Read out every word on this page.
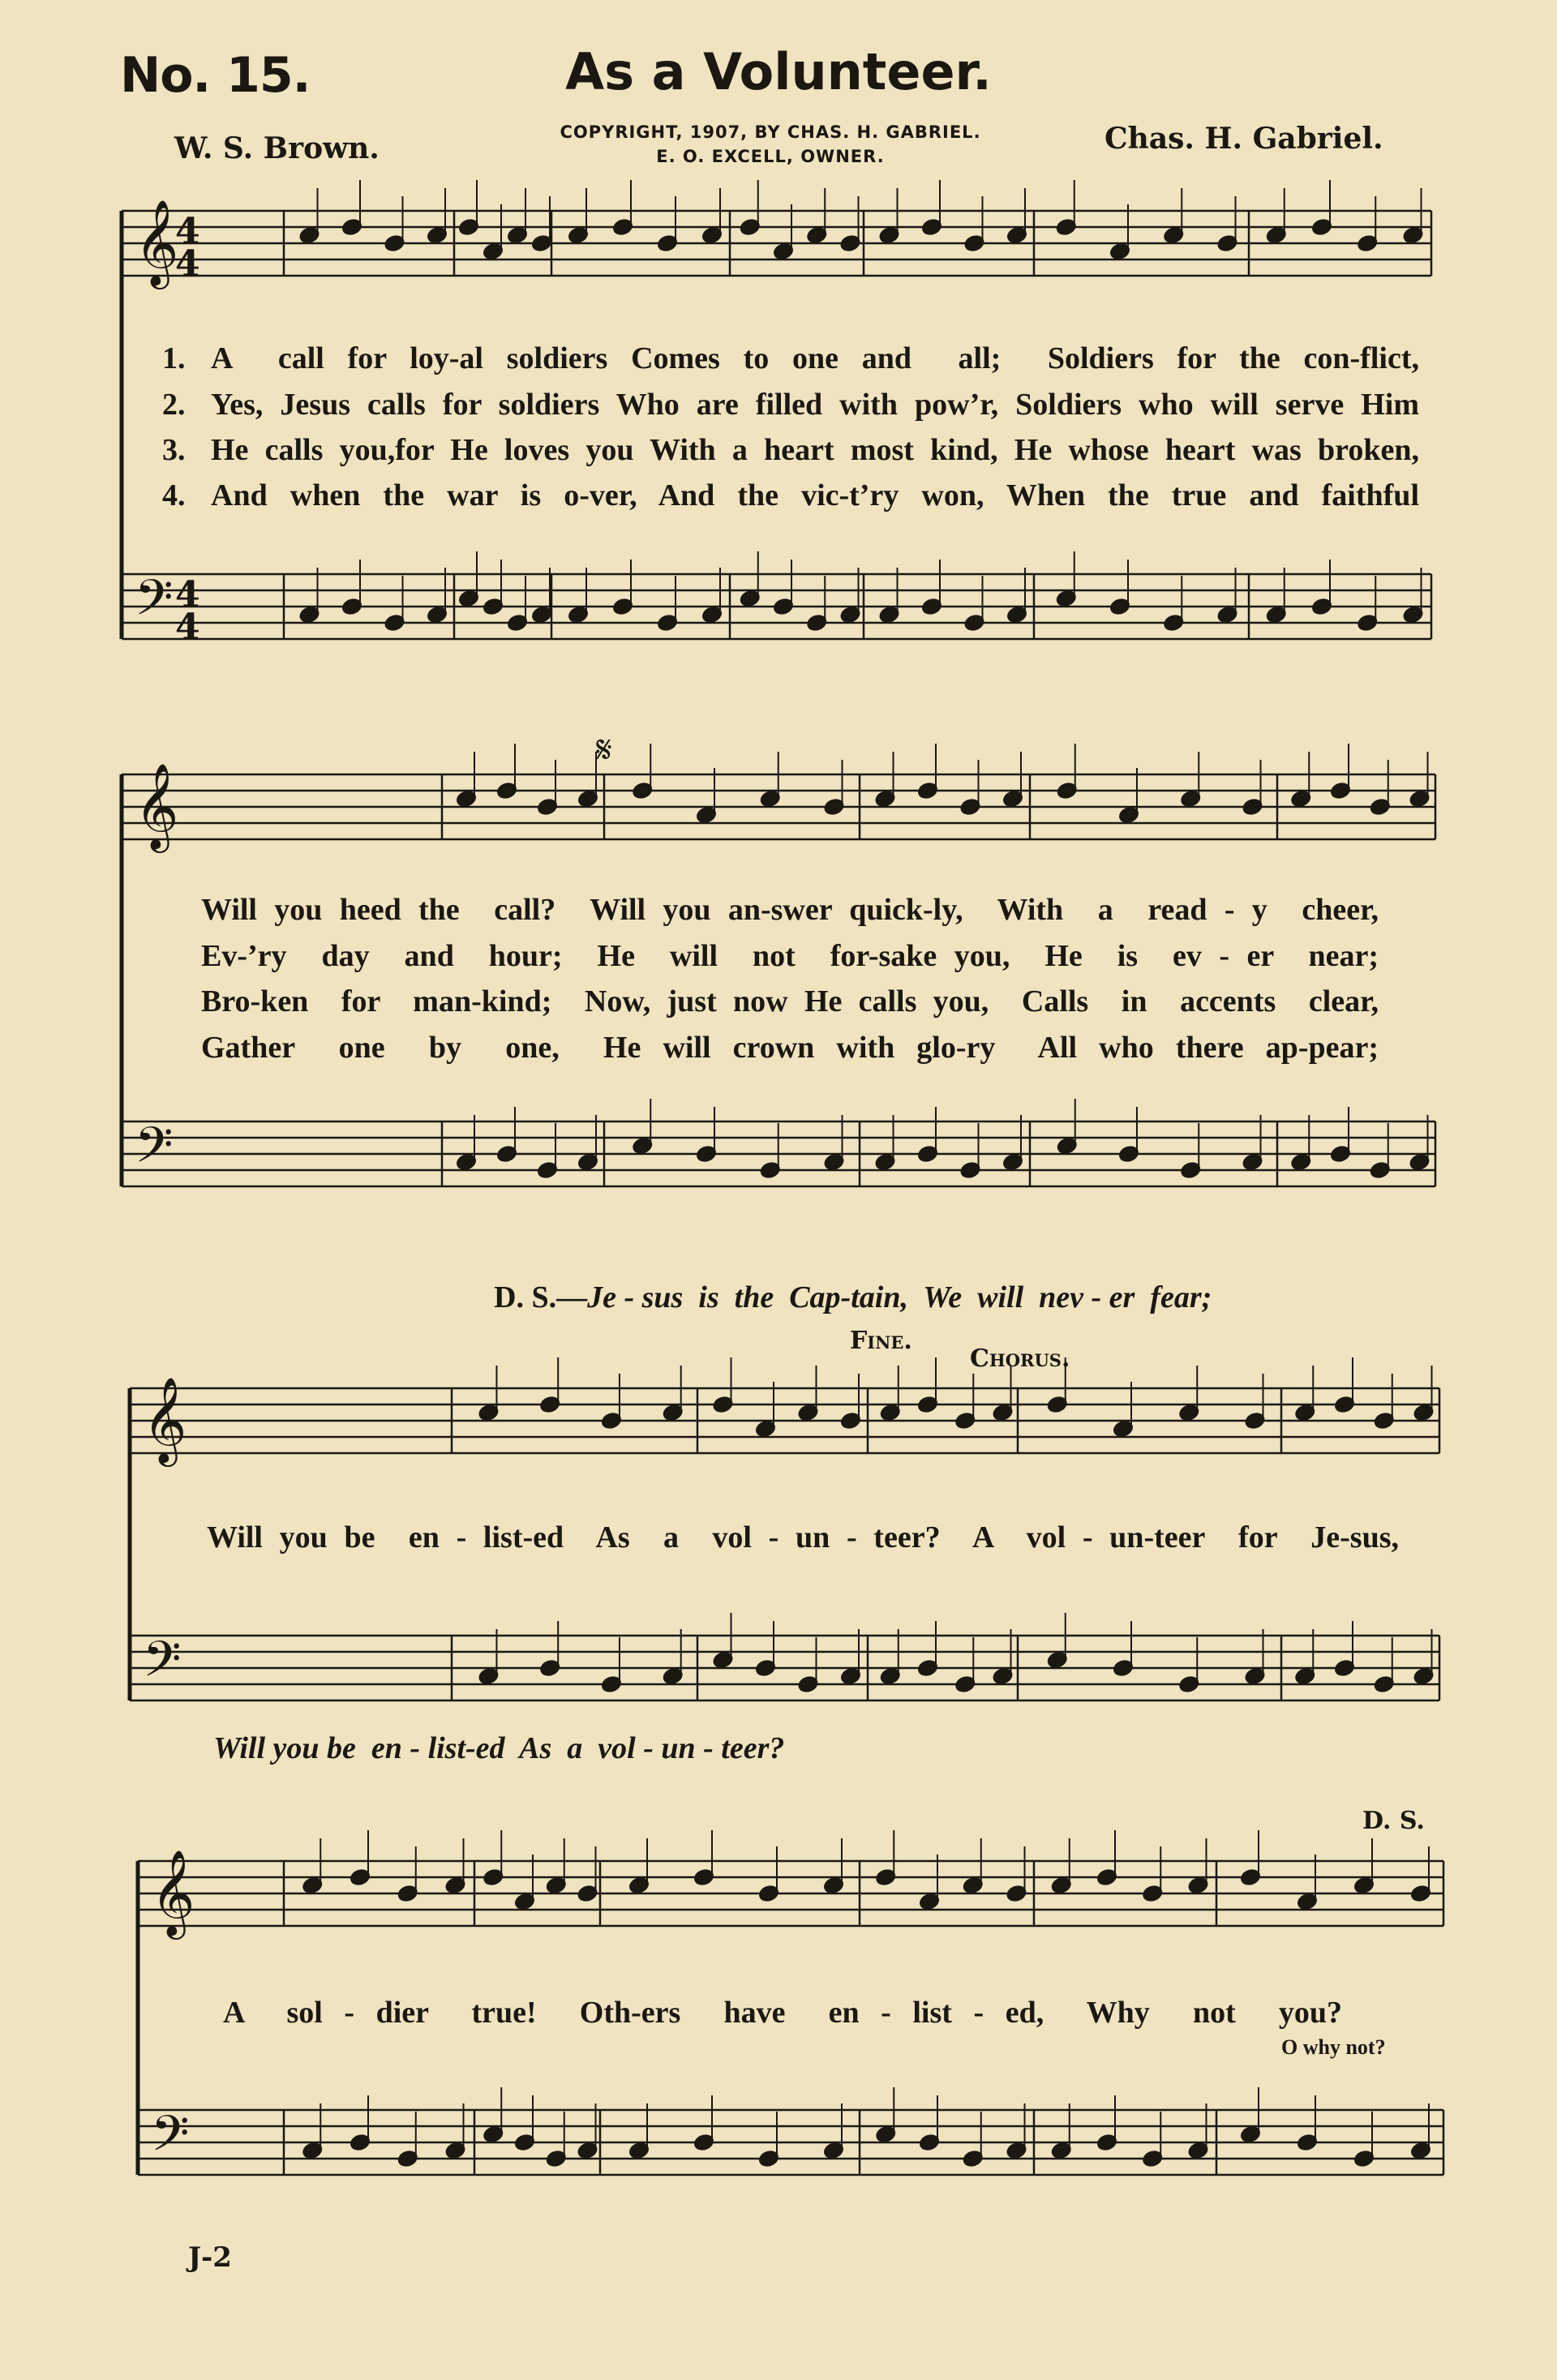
No. 15.	As a Volunteer.
W. S. Brown.	COPYRIGHT, 1907, BY CHAS. H. GABRIEL.
E. O. EXCELL, OWNER.
Chas. H. Gabriel.
𝄞
𝄢
𝄞
𝄢
𝄞
𝄢
𝄞
𝄢
4
4
4
4
𝄋

1.

A  call for loy-al soldiers Comes to one and  all;  Soldiers for the con-flict,

2.

Yes, Jesus calls for soldiers Who are filled with pow’r, Soldiers who will serve Him

3.

He calls you,for He loves you With a heart most kind, He whose heart was broken,

4.

And when the war is o-ver, And the vic-t’ry won, When the true and faithful

Will you heed the  call?  Will you an-swer quick-ly,  With  a  read - y  cheer,
Ev-’ry  day  and  hour;  He  will  not  for-sake you,  He  is  ev - er  near;
Bro-ken  for  man-kind;  Now, just now He calls you,  Calls  in  accents  clear,
Gather  one  by  one,  He will crown with glo-ry  All who there ap-pear;

D. S.—Je - sus  is  the  Cap-tain,  We  will  nev - er  fear;

Fine.
Chorus.
Will you be  en - list-ed  As  a  vol - un - teer?  A  vol - un-teer  for  Je-sus,
Will you be  en - list-ed  As  a  vol - un - teer?
D. S.
A  sol - dier  true!  Oth-ers  have  en - list - ed,  Why  not  you?
O why not?
J-2
